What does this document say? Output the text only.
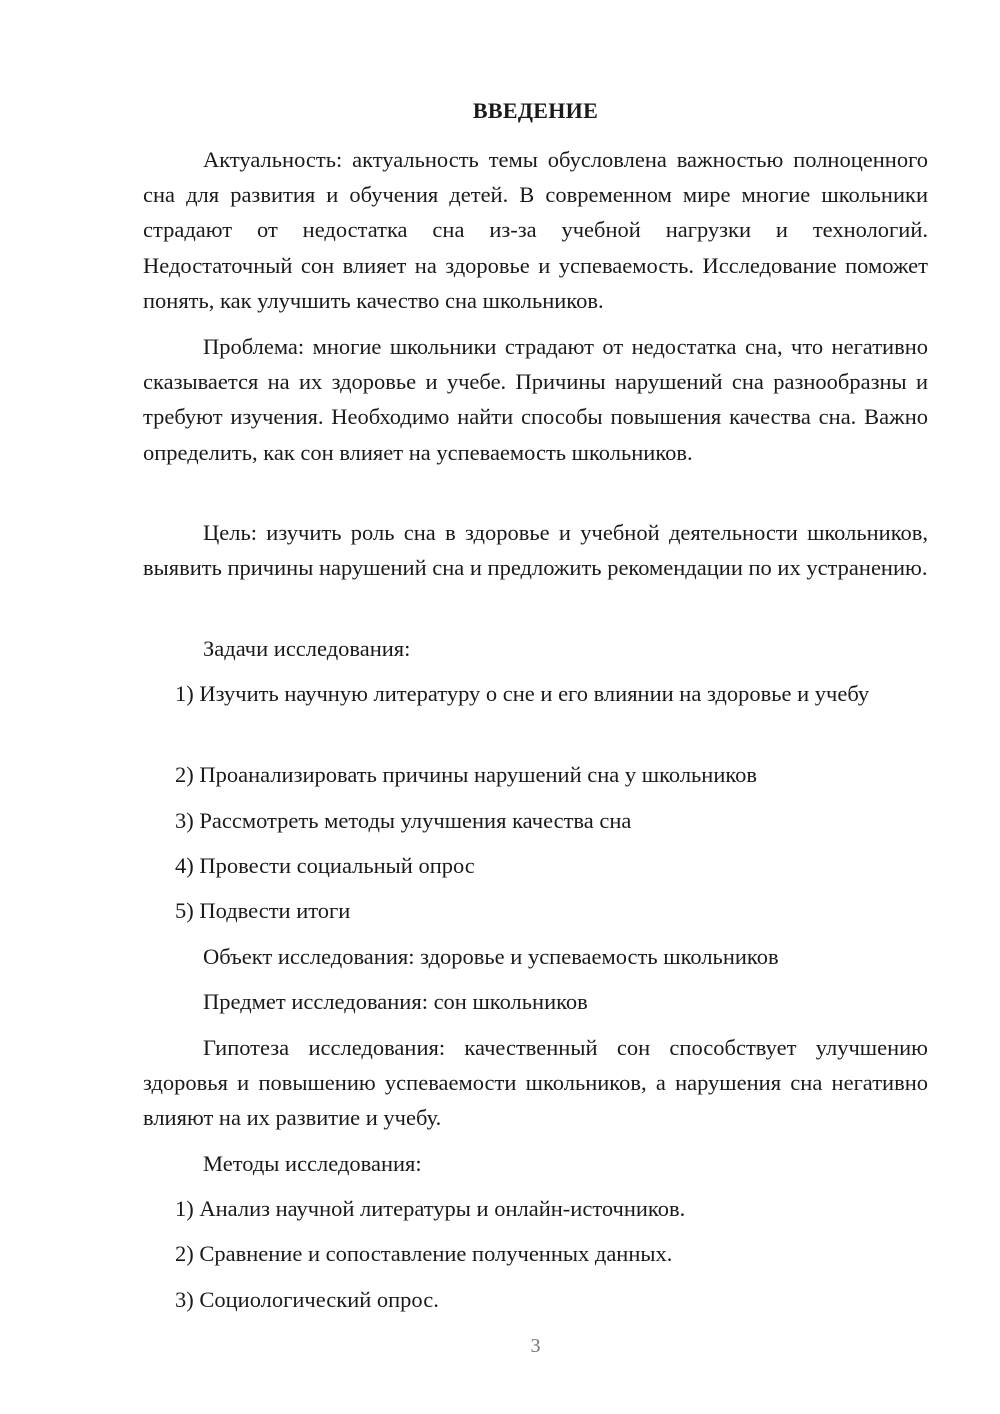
ВВЕДЕНИЕ

Актуальность: актуальность темы обусловлена важностью полноценного сна для развития и обучения детей. В современном мире многие школьники страдают от недостатка сна из-за учебной нагрузки и технологий. Недостаточный сон влияет на здоровье и успеваемость. Исследование поможет понять, как улучшить качество сна школьников.

Проблема: многие школьники страдают от недостатка сна, что негативно сказывается на их здоровье и учебе. Причины нарушений сна разнообразны и требуют изучения. Необходимо найти способы повышения качества сна. Важно определить, как сон влияет на успеваемость школьников.

Цель: изучить роль сна в здоровье и учебной деятельности школьников, выявить причины нарушений сна и предложить рекомендации по их устранению.

Задачи исследования:

1) Изучить научную литературу о сне и его влиянии на здоровье и учебу

2) Проанализировать причины нарушений сна у школьников

3) Рассмотреть методы улучшения качества сна

4) Провести социальный опрос

5) Подвести итоги

Объект исследования: здоровье и успеваемость школьников

Предмет исследования: сон школьников

Гипотеза исследования: качественный сон способствует улучшению здоровья и повышению успеваемости школьников, а нарушения сна негативно влияют на их развитие и учебу.

Методы исследования:

1) Анализ научной литературы и онлайн-источников.

2) Сравнение и сопоставление полученных данных.

3) Социологический опрос.

3
